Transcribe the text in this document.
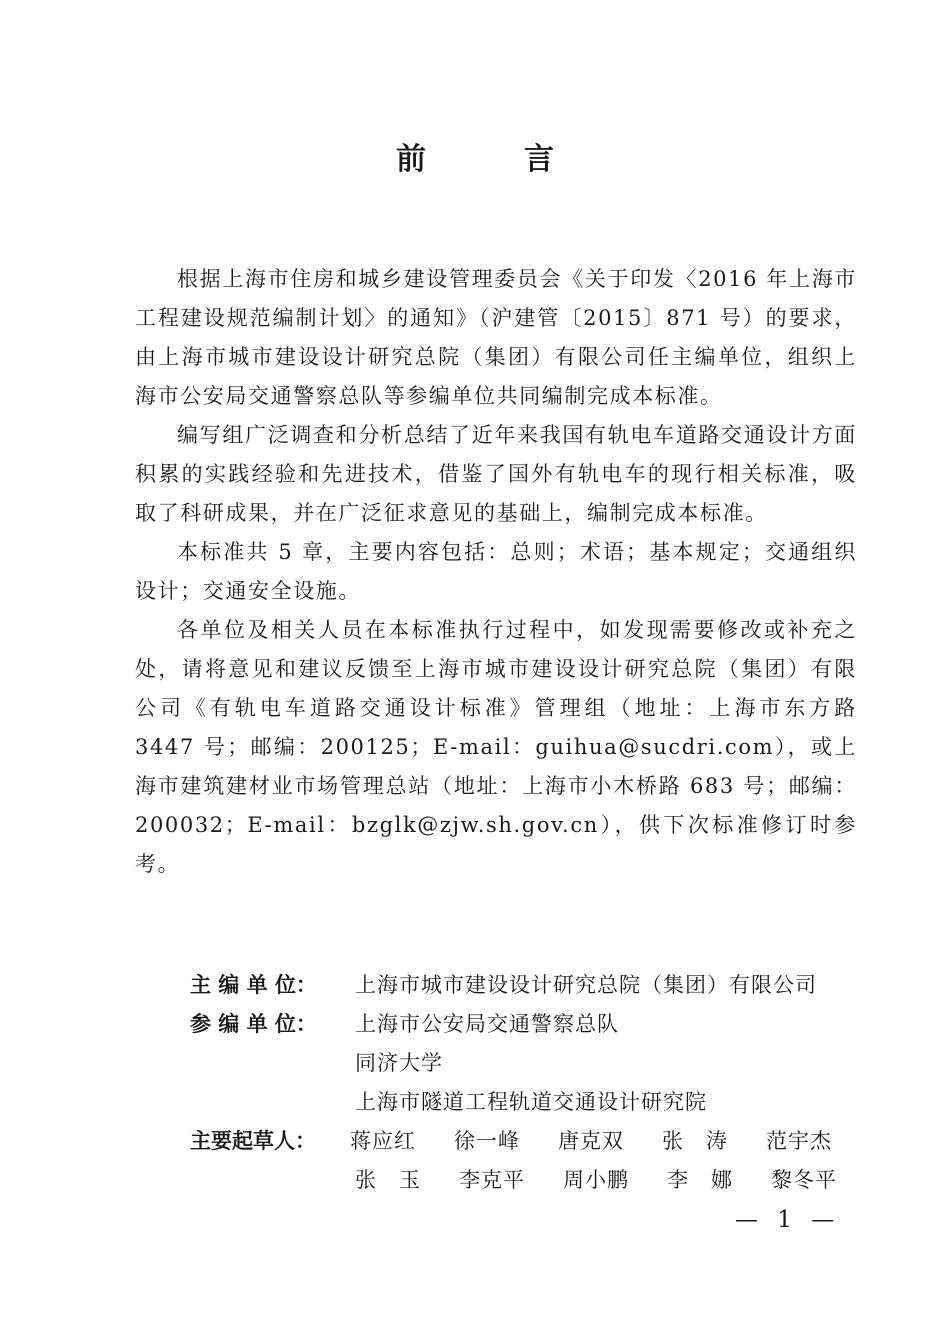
前　言

根据上海市住房和城乡建设管理委员会《关于印发〈2016 年上海市工程建设规范编制计划〉的通知》（沪建管〔2015〕871 号）的要求，由上海市城市建设设计研究总院（集团）有限公司任主编单位，组织上海市公安局交通警察总队等参编单位共同编制完成本标准。

编写组广泛调查和分析总结了近年来我国有轨电车道路交通设计方面积累的实践经验和先进技术，借鉴了国外有轨电车的现行相关标准，吸取了科研成果，并在广泛征求意见的基础上，编制完成本标准。

本标准共 5 章，主要内容包括：总则；术语；基本规定；交通组织设计；交通安全设施。

各单位及相关人员在本标准执行过程中，如发现需要修改或补充之处，请将意见和建议反馈至上海市城市建设设计研究总院（集团）有限公司《有轨电车道路交通设计标准》管理组（地址：上海市东方路 3447 号；邮编：200125；E-mail：guihua@sucdri.com），或上海市建筑建材业市场管理总站（地址：上海市小木桥路 683 号；邮编：200032；E-mail：bzglk@zjw.sh.gov.cn），供下次标准修订时参考。

主 编 单 位：	上海市城市建设设计研究总院（集团）有限公司
参 编 单 位：	上海市公安局交通警察总队
同济大学
上海市隧道工程轨道交通设计研究院
主要起草人：	蒋应红	徐一峰	唐克双	张　涛	范宇杰
张　玉	李克平	周小鹏	李　娜	黎冬平
— 1 —
